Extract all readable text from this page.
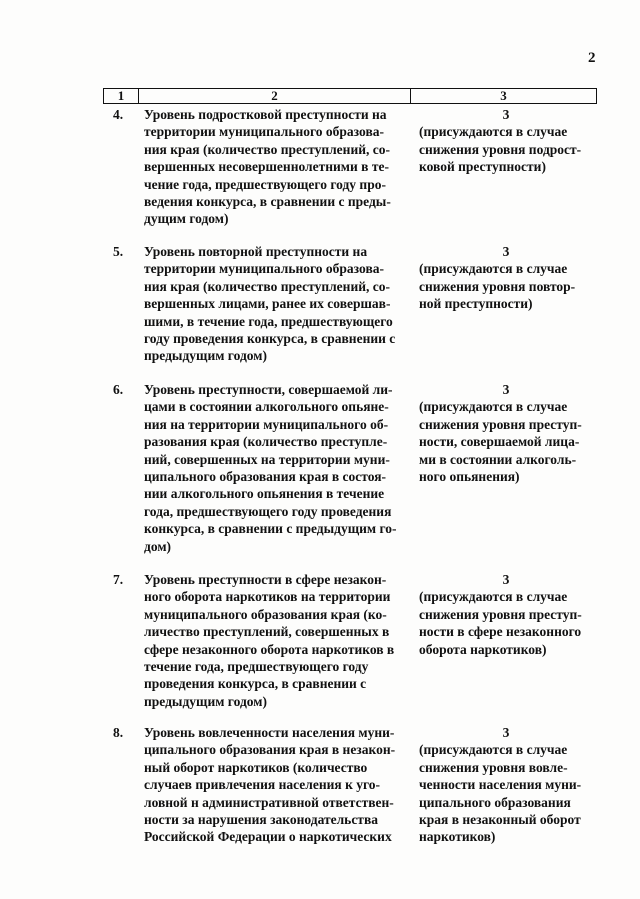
2
1	2	3
4. Уровень подростковой преступности на
территории муниципального образова-
ния края (количество преступлений, со-
вершенных несовершеннолетними в те-
чение года, предшествующего году про-
ведения конкурса, в сравнении с преды-
дущим годом)
3
(присуждаются в случае
снижения уровня подрост-
ковой преступности)
5. Уровень повторной преступности на
территории муниципального образова-
ния края (количество преступлений, со-
вершенных лицами, ранее их совершав-
шими, в течение года, предшествующего
году проведения конкурса, в сравнении с
предыдущим годом)
3
(присуждаются в случае
снижения уровня повтор-
ной преступности)
6. Уровень преступности, совершаемой ли-
цами в состоянии алкогольного опьяне-
ния на территории муниципального об-
разования края (количество преступле-
ний, совершенных на территории муни-
ципального образования края в состоя-
нии алкогольного опьянения в течение
года, предшествующего году проведения
конкурса, в сравнении с предыдущим го-
дом)
3
(присуждаются в случае
снижения уровня преступ-
ности, совершаемой лица-
ми в состоянии алкоголь-
ного опьянения)
7. Уровень преступности в сфере незакон-
ного оборота наркотиков на территории
муниципального образования края (ко-
личество преступлений, совершенных в
сфере незаконного оборота наркотиков в
течение года, предшествующего году
проведения конкурса, в сравнении с
предыдущим годом)
3
(присуждаются в случае
снижения уровня преступ-
ности в сфере незаконного
оборота наркотиков)
8. Уровень вовлеченности населения муни-
ципального образования края в незакон-
ный оборот наркотиков (количество
случаев привлечения населения к уго-
ловной н административной ответствен-
ности за нарушения законодательства
Российской Федерации о наркотических
3
(присуждаются в случае
снижения уровня вовле-
ченности населения муни-
ципального образования
края в незаконный оборот
наркотиков)
